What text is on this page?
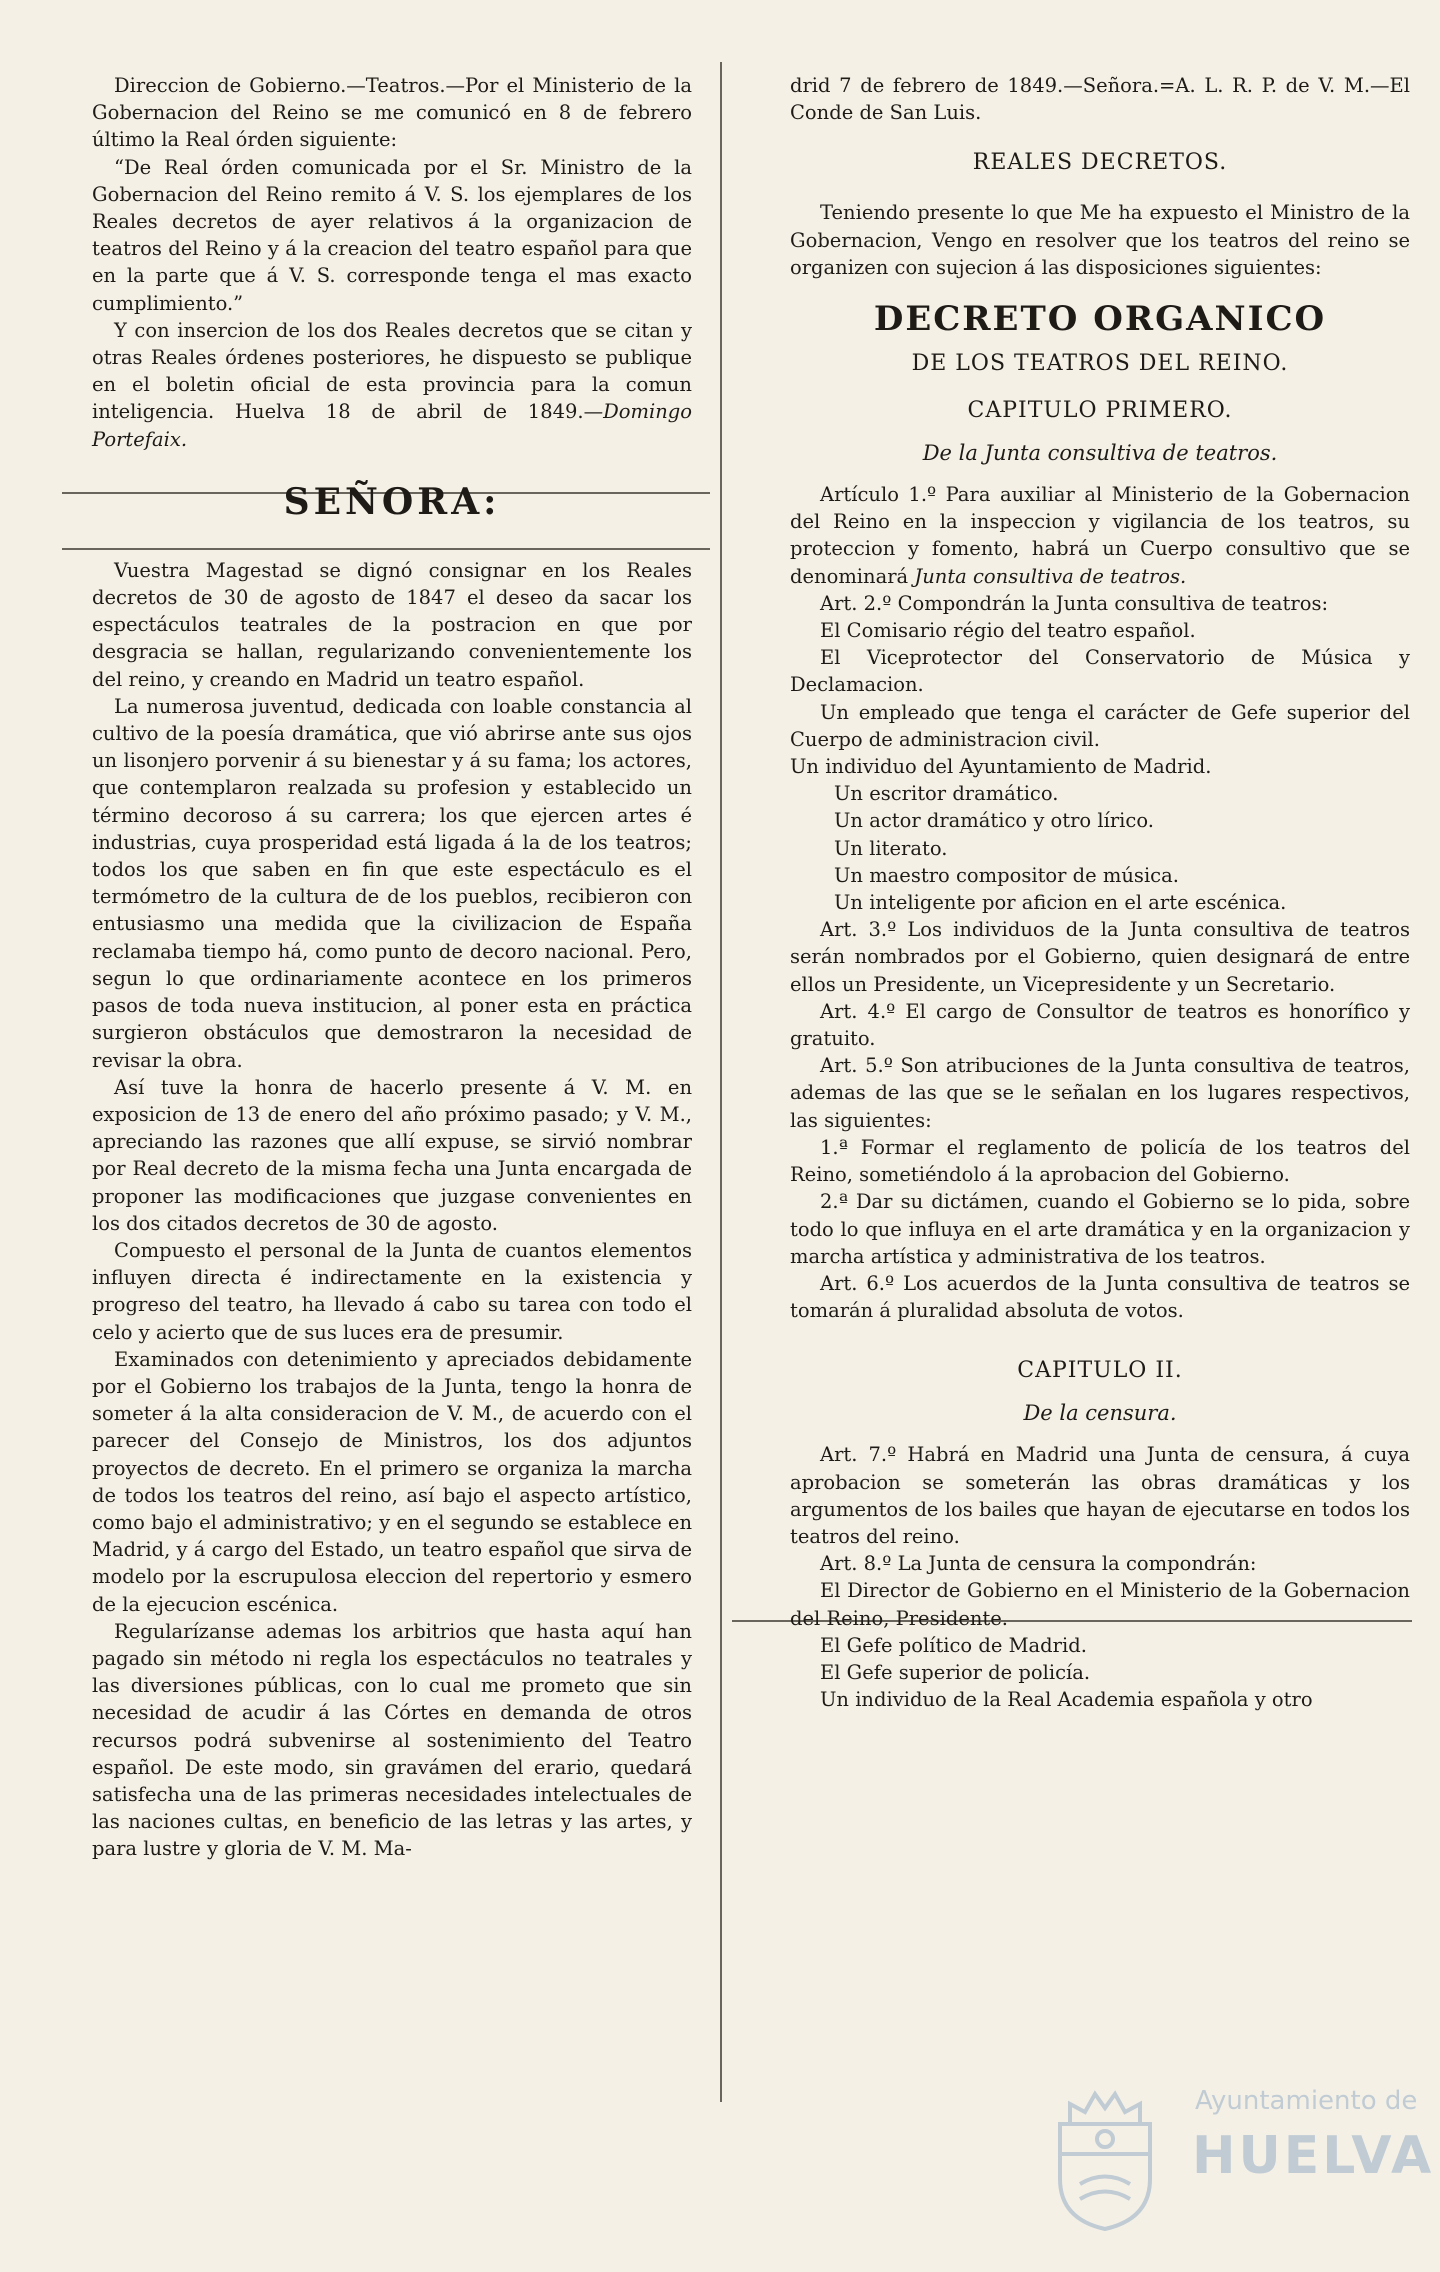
Direccion de Gobierno.—Teatros.—Por el Ministerio de la Gobernacion del Reino se me comunicó en 8 de febrero último la Real órden siguiente:

“De Real órden comunicada por el Sr. Ministro de la Gobernacion del Reino remito á V. S. los ejemplares de los Reales decretos de ayer relativos á la organizacion de teatros del Reino y á la creacion del teatro español para que en la parte que á V. S. corresponde tenga el mas exacto cumplimiento.”

Y con insercion de los dos Reales decretos que se citan y otras Reales órdenes posteriores, he dispuesto se publique en el boletin oficial de esta provincia para la comun inteligencia. Huelva 18 de abril de 1849.—Domingo Portefaix.

SEÑORA:

Vuestra Magestad se dignó consignar en los Reales decretos de 30 de agosto de 1847 el deseo da sacar los espectáculos teatrales de la postracion en que por desgracia se hallan, regularizando convenientemente los del reino, y creando en Madrid un teatro español.

La numerosa juventud, dedicada con loable constancia al cultivo de la poesía dramática, que vió abrirse ante sus ojos un lisonjero porvenir á su bienestar y á su fama; los actores, que contemplaron realzada su profesion y establecido un término decoroso á su carrera; los que ejercen artes é industrias, cuya prosperidad está ligada á la de los teatros; todos los que saben en fin que este espectáculo es el termómetro de la cultura de de los pueblos, recibieron con entusiasmo una medida que la civilizacion de España reclamaba tiempo há, como punto de decoro nacional. Pero, segun lo que ordinariamente acontece en los primeros pasos de toda nueva institucion, al poner esta en práctica surgieron obstáculos que demostraron la necesidad de revisar la obra.

Así tuve la honra de hacerlo presente á V. M. en exposicion de 13 de enero del año próximo pasado; y V. M., apreciando las razones que allí expuse, se sirvió nombrar por Real decreto de la misma fecha una Junta encargada de proponer las modificaciones que juzgase convenientes en los dos citados decretos de 30 de agosto.

Compuesto el personal de la Junta de cuantos elementos influyen directa é indirectamente en la existencia y progreso del teatro, ha llevado á cabo su tarea con todo el celo y acierto que de sus luces era de presumir.

Examinados con detenimiento y apreciados debidamente por el Gobierno los trabajos de la Junta, tengo la honra de someter á la alta consideracion de V. M., de acuerdo con el parecer del Consejo de Ministros, los dos adjuntos proyectos de decreto. En el primero se organiza la marcha de todos los teatros del reino, así bajo el aspecto artístico, como bajo el administrativo; y en el segundo se establece en Madrid, y á cargo del Estado, un teatro español que sirva de modelo por la escrupulosa eleccion del repertorio y esmero de la ejecucion escénica.

Regularízanse ademas los arbitrios que hasta aquí han pagado sin método ni regla los espectáculos no teatrales y las diversiones públicas, con lo cual me prometo que sin necesidad de acudir á las Córtes en demanda de otros recursos podrá subvenirse al sostenimiento del Teatro español. De este modo, sin gravámen del erario, quedará satisfecha una de las primeras necesidades intelectuales de las naciones cultas, en beneficio de las letras y las artes, y para lustre y gloria de V. M. Ma-

drid 7 de febrero de 1849.—Señora.=A. L. R. P. de V. M.—El Conde de San Luis.

REALES DECRETOS.

Teniendo presente lo que Me ha expuesto el Ministro de la Gobernacion, Vengo en resolver que los teatros del reino se organizen con sujecion á las disposiciones siguientes:

DECRETO ORGANICO
DE LOS TEATROS DEL REINO.
CAPITULO PRIMERO.
De la Junta consultiva de teatros.

Artículo 1.º Para auxiliar al Ministerio de la Gobernacion del Reino en la inspeccion y vigilancia de los teatros, su proteccion y fomento, habrá un Cuerpo consultivo que se denominará Junta consultiva de teatros.

Art. 2.º Compondrán la Junta consultiva de teatros:

El Comisario régio del teatro español.

El Viceprotector del Conservatorio de Música y Declamacion.

Un empleado que tenga el carácter de Gefe superior del Cuerpo de administracion civil.

Un individuo del Ayuntamiento de Madrid.

Un escritor dramático.

Un actor dramático y otro lírico.

Un literato.

Un maestro compositor de música.

Un inteligente por aficion en el arte escénica.

Art. 3.º Los individuos de la Junta consultiva de teatros serán nombrados por el Gobierno, quien designará de entre ellos un Presidente, un Vicepresidente y un Secretario.

Art. 4.º El cargo de Consultor de teatros es honorífico y gratuito.

Art. 5.º Son atribuciones de la Junta consultiva de teatros, ademas de las que se le señalan en los lugares respectivos, las siguientes:

1.ª Formar el reglamento de policía de los teatros del Reino, sometiéndolo á la aprobacion del Gobierno.

2.ª Dar su dictámen, cuando el Gobierno se lo pida, sobre todo lo que influya en el arte dramática y en la organizacion y marcha artística y administrativa de los teatros.

Art. 6.º Los acuerdos de la Junta consultiva de teatros se tomarán á pluralidad absoluta de votos.

CAPITULO II.
De la censura.

Art. 7.º Habrá en Madrid una Junta de censura, á cuya aprobacion se someterán las obras dramáticas y los argumentos de los bailes que hayan de ejecutarse en todos los teatros del reino.

Art. 8.º La Junta de censura la compondrán:

El Director de Gobierno en el Ministerio de la Gobernacion del Reino, Presidente.

El Gefe político de Madrid.

El Gefe superior de policía.

Un individuo de la Real Academia española y otro

Ayuntamiento de
HUELVA
